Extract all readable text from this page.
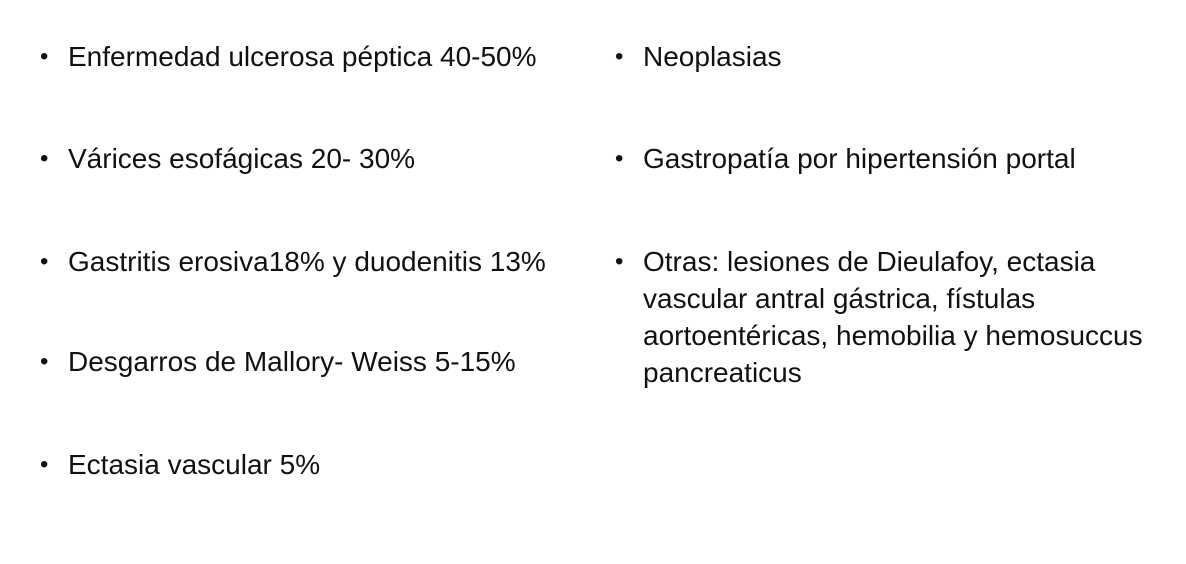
• Enfermedad ulcerosa péptica 40-50%
• Várices esofágicas 20- 30%
• Gastritis erosiva18% y duodenitis 13%
• Desgarros de Mallory- Weiss 5-15%
• Ectasia vascular 5%
• Neoplasias
• Gastropatía por hipertensión portal
• Otras: lesiones de Dieulafoy, ectasia vascular antral gástrica, fístulas aortoentéricas, hemobilia y hemosuccus pancreaticus
